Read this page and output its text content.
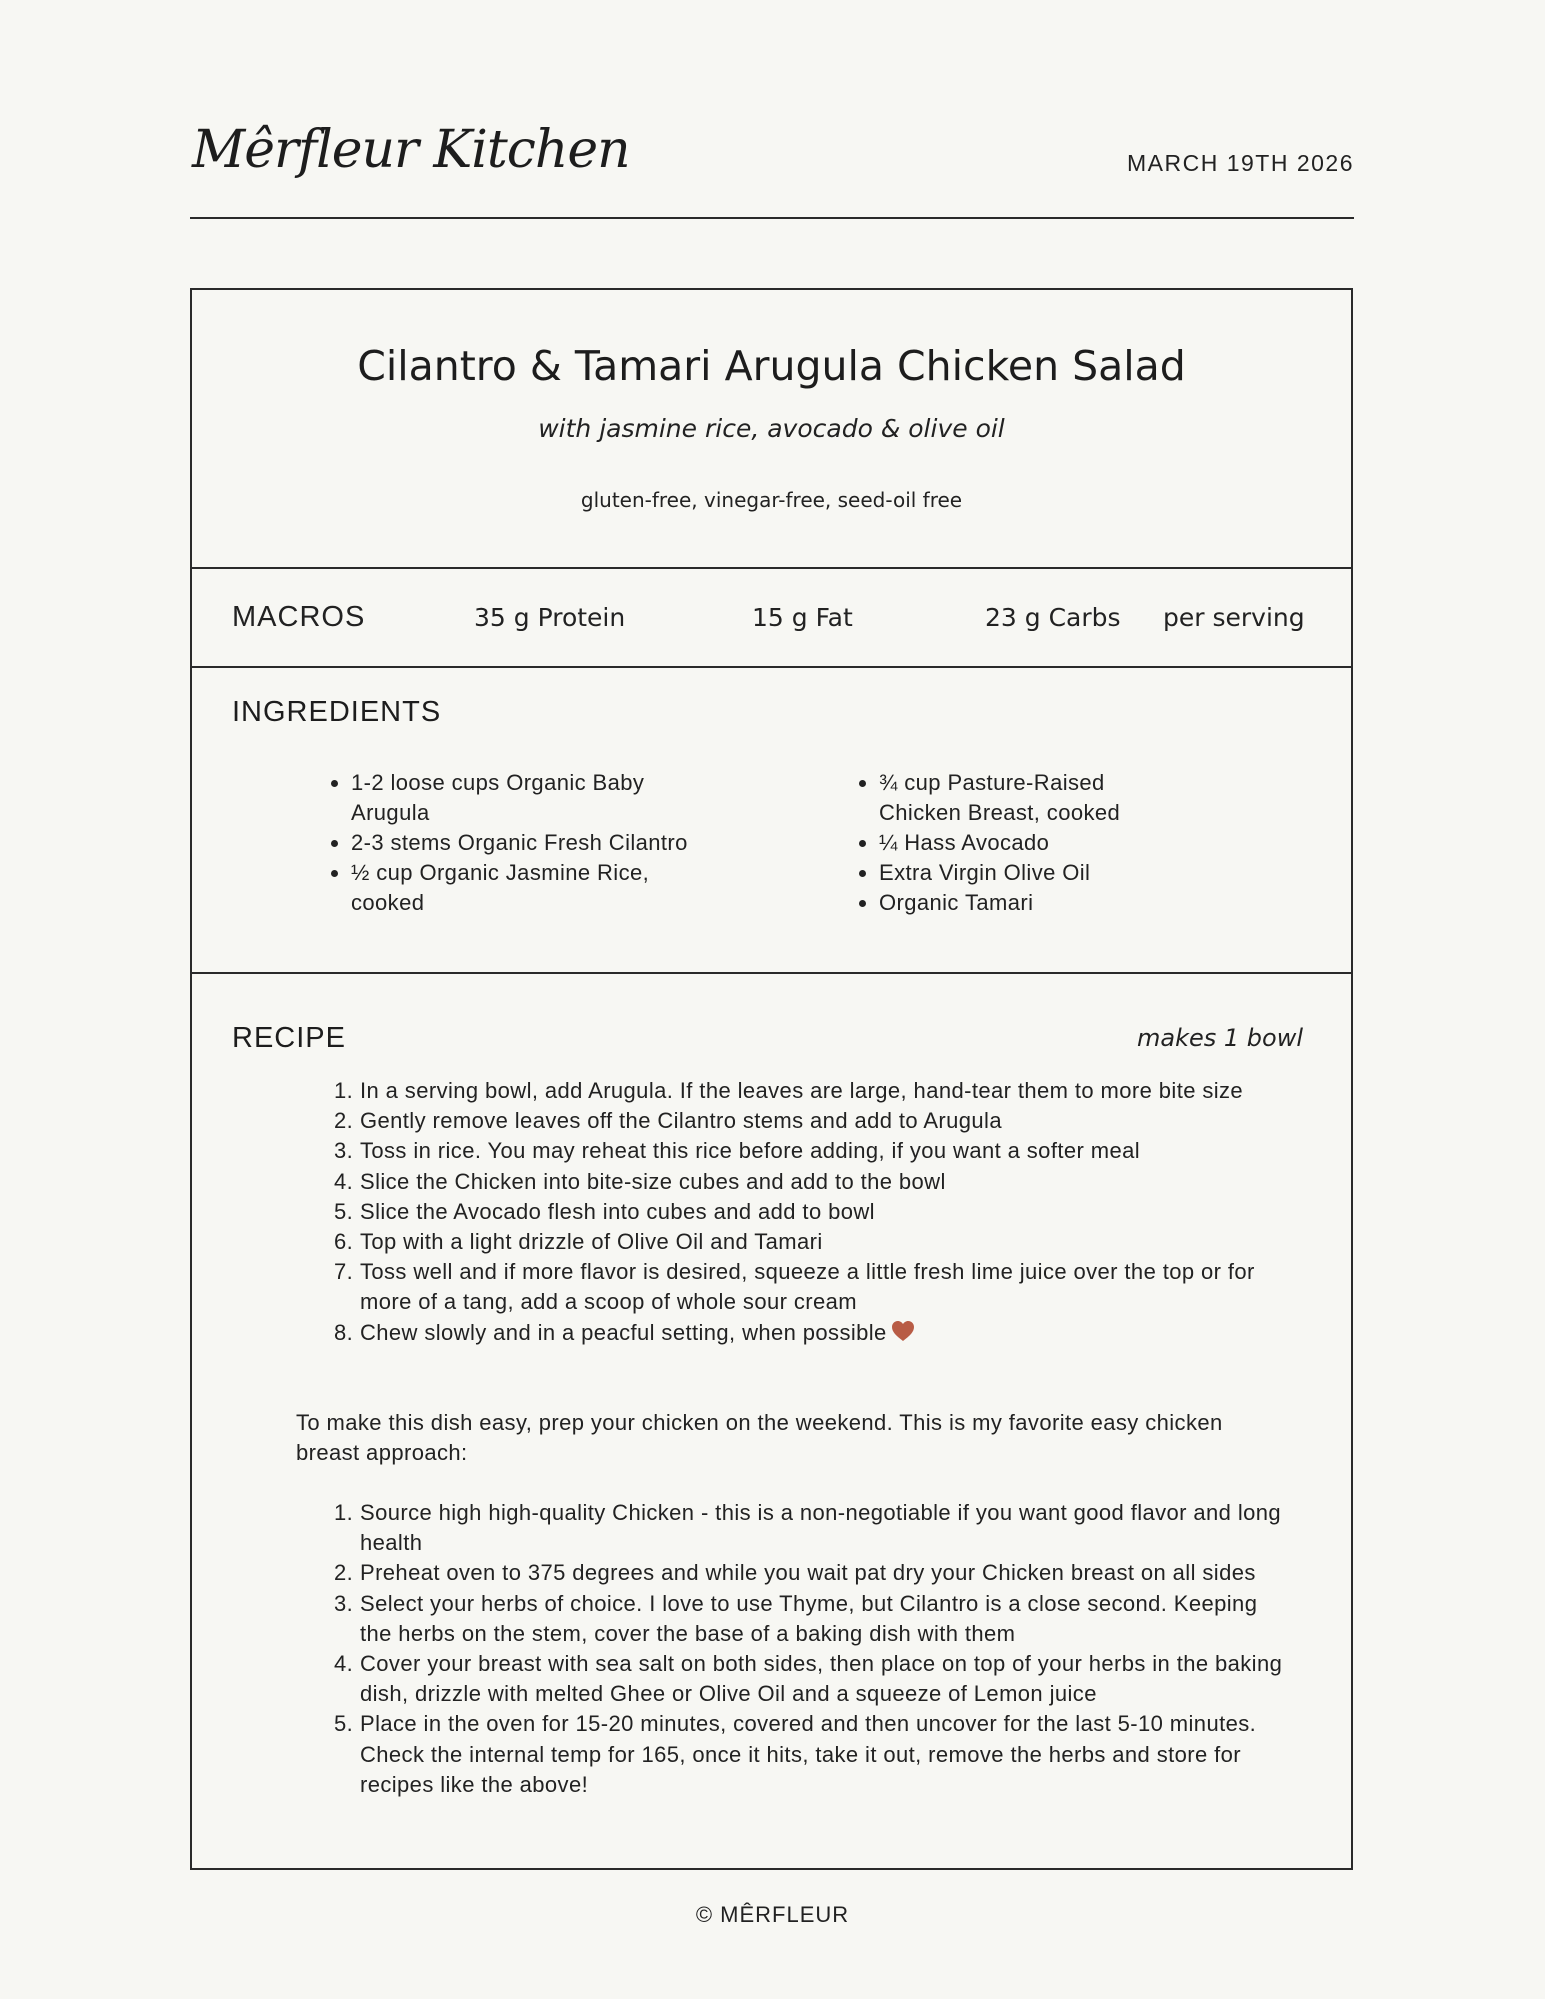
Mêrfleur Kitchen	MARCH 19TH 2026
Cilantro & Tamari Arugula Chicken Salad
with jasmine rice, avocado & olive oil
gluten-free, vinegar-free, seed-oil free
MACROS	35 g Protein	15 g Fat	23 g Carbs per serving
INGREDIENTS
• 1-2 loose cups Organic Baby Arugula
• 2-3 stems Organic Fresh Cilantro
• ½ cup Organic Jasmine Rice, cooked
• ¾ cup Pasture-Raised Chicken Breast, cooked
• ¼ Hass Avocado
• Extra Virgin Olive Oil
• Organic Tamari
RECIPE	makes 1 bowl
In a serving bowl, add Arugula. If the leaves are large, hand-tear them to more bite size
Gently remove leaves off the Cilantro stems and add to Arugula
Toss in rice. You may reheat this rice before adding, if you want a softer meal
Slice the Chicken into bite-size cubes and add to the bowl
Slice the Avocado flesh into cubes and add to bowl
Top with a light drizzle of Olive Oil and Tamari
Toss well and if more flavor is desired, squeeze a little fresh lime juice over the top or for more of a tang, add a scoop of whole sour cream
Chew slowly and in a peacful setting, when possible
To make this dish easy, prep your chicken on the weekend. This is my favorite easy chicken breast approach:
Source high high-quality Chicken - this is a non-negotiable if you want good flavor and long health
Preheat oven to 375 degrees and while you wait pat dry your Chicken breast on all sides
Select your herbs of choice. I love to use Thyme, but Cilantro is a close second. Keeping the herbs on the stem, cover the base of a baking dish with them
Cover your breast with sea salt on both sides, then place on top of your herbs in the baking dish, drizzle with melted Ghee or Olive Oil and a squeeze of Lemon juice
Place in the oven for 15-20 minutes, covered and then uncover for the last 5-10 minutes. Check the internal temp for 165, once it hits, take it out, remove the herbs and store for recipes like the above!
© MÊRFLEUR
